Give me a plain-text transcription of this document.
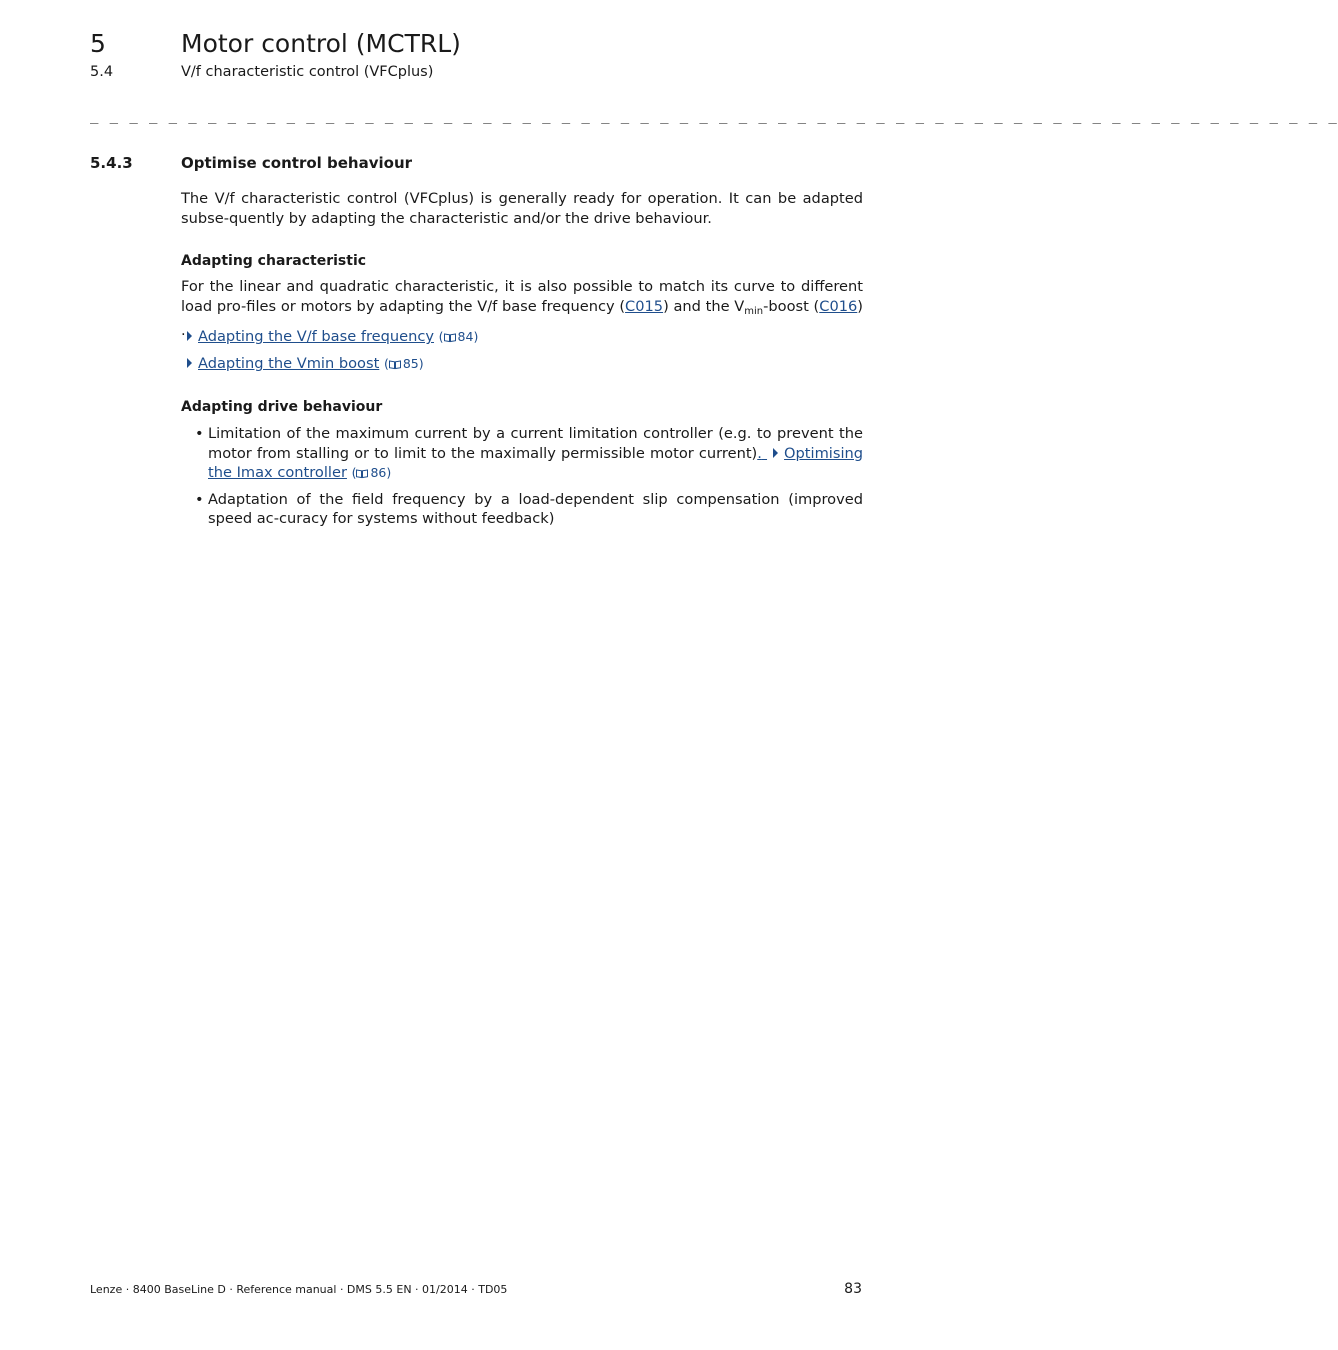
5	Motor control (MCTRL)
5.4	V/f characteristic control (VFCplus)
_ _ _ _ _ _ _ _ _ _ _ _ _ _ _ _ _ _ _ _ _ _ _ _ _ _ _ _ _ _ _ _ _ _ _ _ _ _ _ _ _ _ _ _ _ _ _ _ _ _ _ _ _ _ _ _ _ _ _ _ _ _ _ _
5.4.3	Optimise control behaviour

The V/f characteristic control (VFCplus) is generally ready for operation. It can be adapted subse-quently by adapting the characteristic and/or the drive behaviour.

Adapting characteristic

For the linear and quadratic characteristic, it is also possible to match its curve to different load pro-files or motors by adapting the V/f base frequency (C015) and the $V_{min}$-boost (C016) . Adapting the V/f base frequency ( 84)
Adapting the Vmin boost ( 85)
Adapting drive behaviour
• Limitation of the maximum current by a current limitation controller (e.g. to prevent the motor from stalling or to limit to the maximally permissible motor current). Optimising the Imax controller ( 86)
• Adaptation of the field frequency by a load-dependent slip compensation (improved speed ac-curacy for systems without feedback)
Lenze · 8400 BaseLine D · Reference manual · DMS 5.5 EN · 01/2014 · TD05	83
